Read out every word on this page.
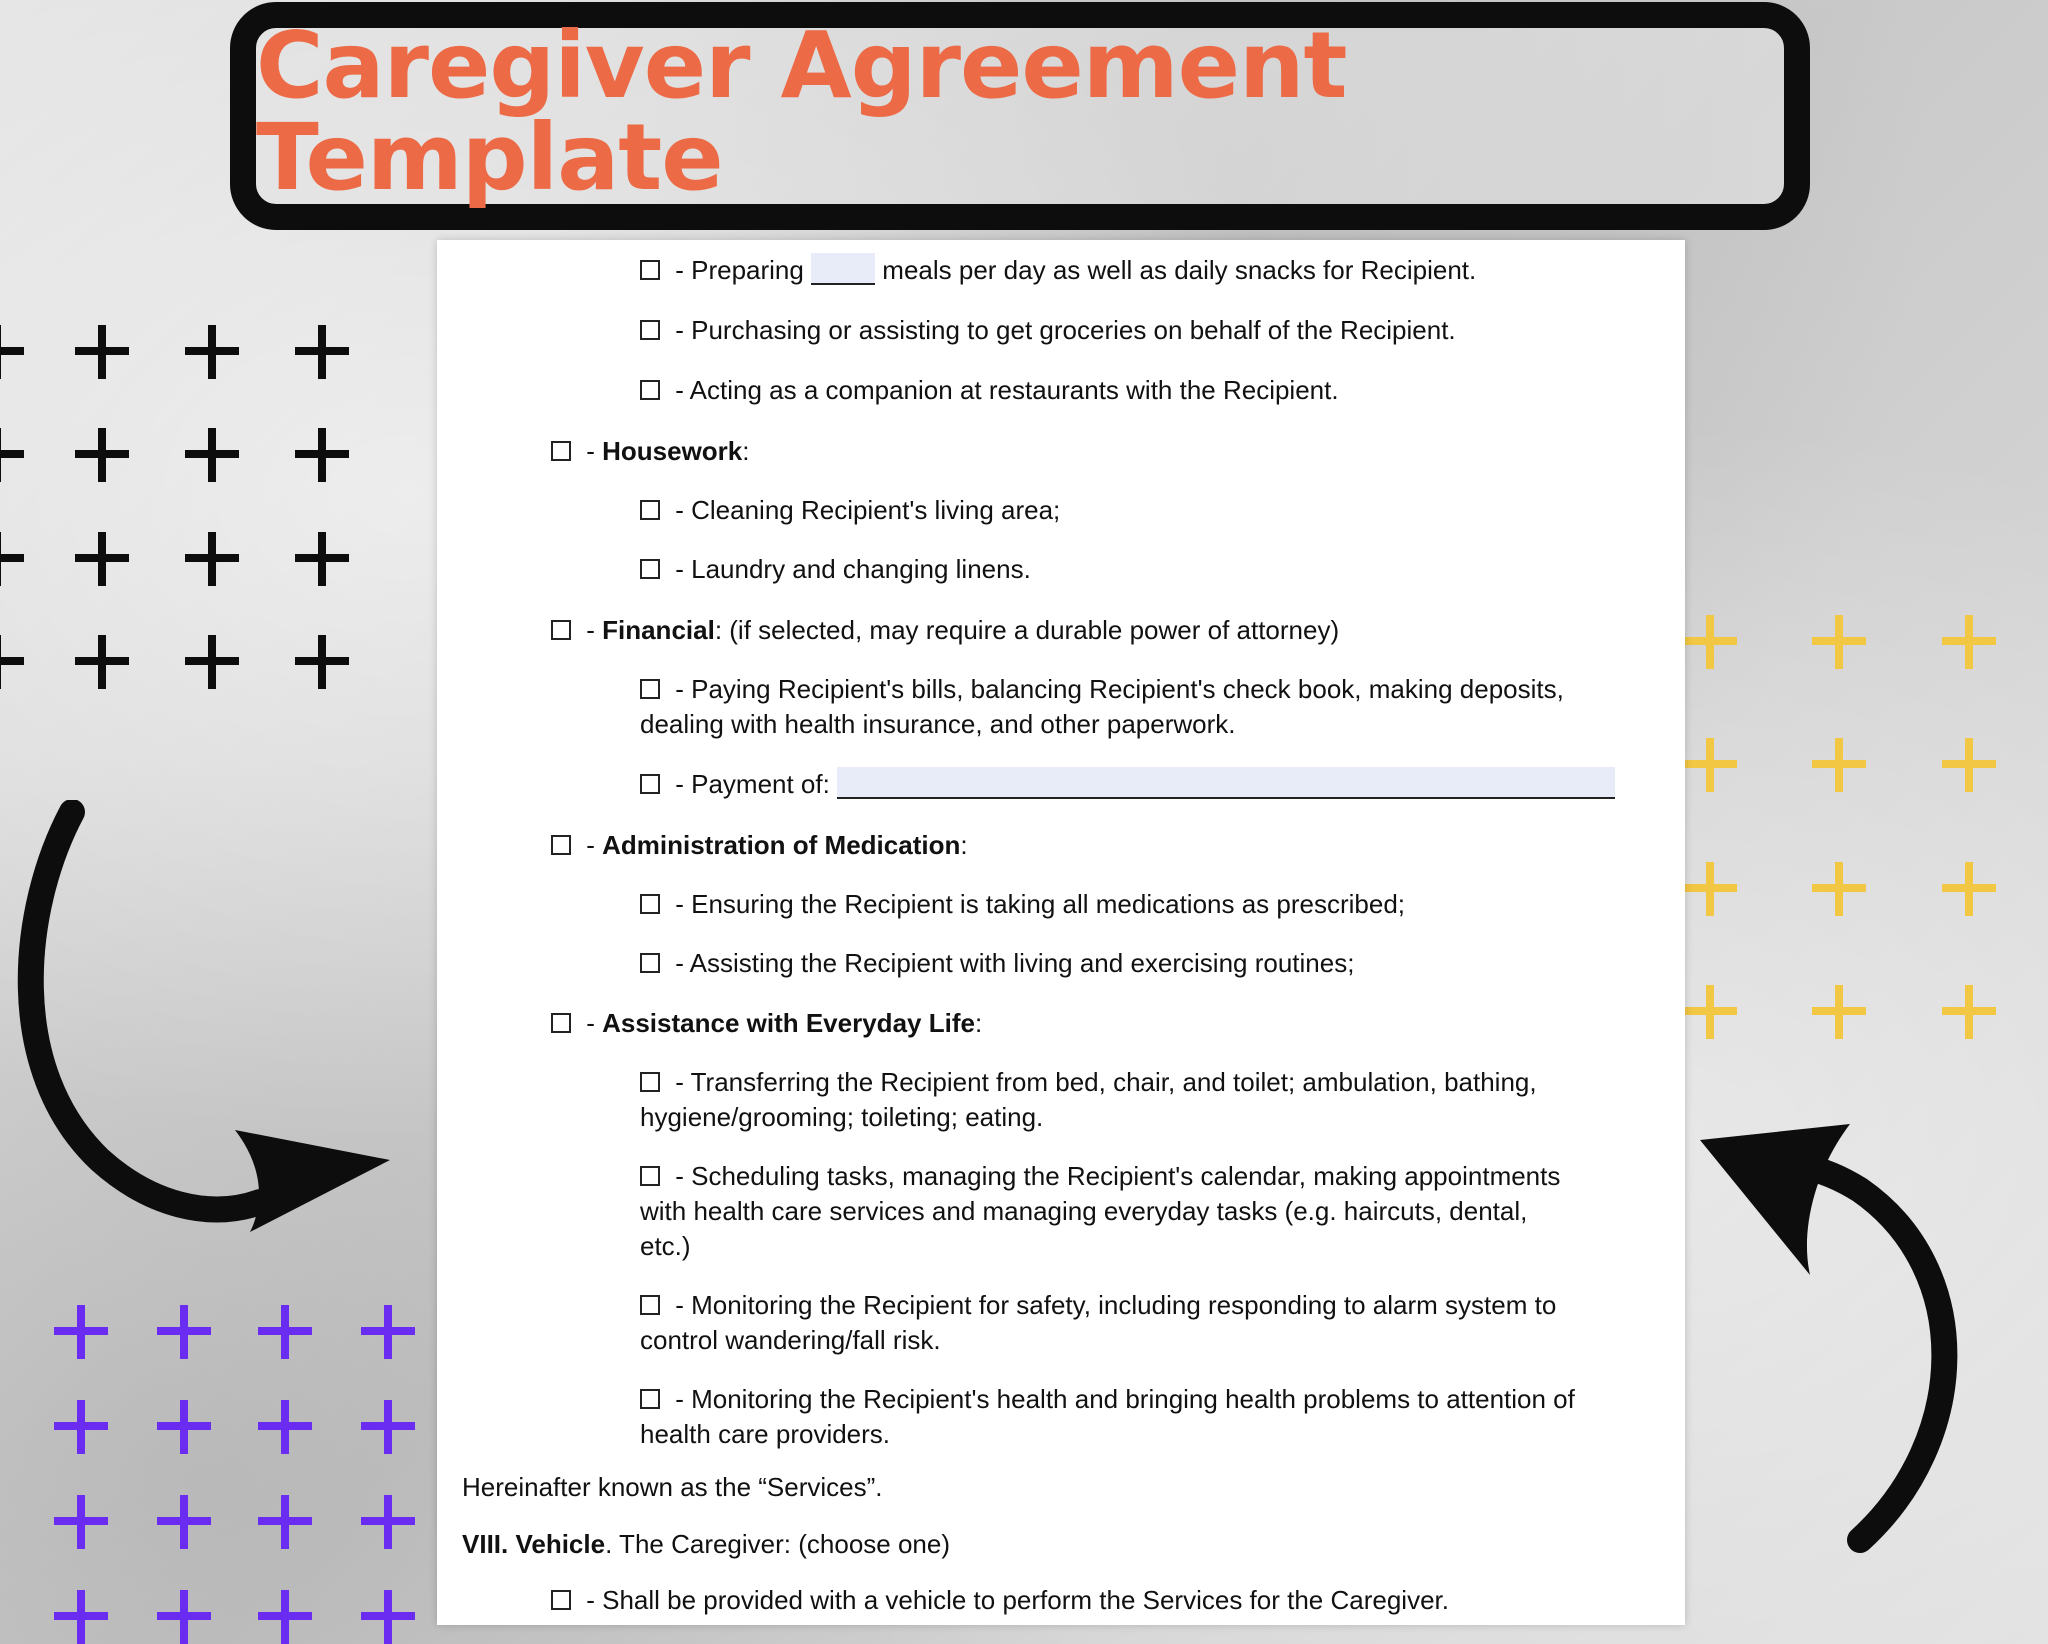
Caregiver Agreement Template
- Preparing  meals per day as well as daily snacks for Recipient.
- Purchasing or assisting to get groceries on behalf of the Recipient.
- Acting as a companion at restaurants with the Recipient.
- Housework:
- Cleaning Recipient's living area;
- Laundry and changing linens.
- Financial: (if selected, may require a durable power of attorney)
- Paying Recipient's bills, balancing Recipient's check book, making deposits,
dealing with health insurance, and other paperwork.
- Payment of:
- Administration of Medication:
- Ensuring the Recipient is taking all medications as prescribed;
- Assisting the Recipient with living and exercising routines;
- Assistance with Everyday Life:
- Transferring the Recipient from bed, chair, and toilet; ambulation, bathing,
hygiene/grooming; toileting; eating.
- Scheduling tasks, managing the Recipient's calendar, making appointments
with health care services and managing everyday tasks (e.g. haircuts, dental,
etc.)
- Monitoring the Recipient for safety, including responding to alarm system to
control wandering/fall risk.
- Monitoring the Recipient's health and bringing health problems to attention of
health care providers.
Hereinafter known as the “Services”.
VIII. Vehicle. The Caregiver: (choose one)
- Shall be provided with a vehicle to perform the Services for the Caregiver.
